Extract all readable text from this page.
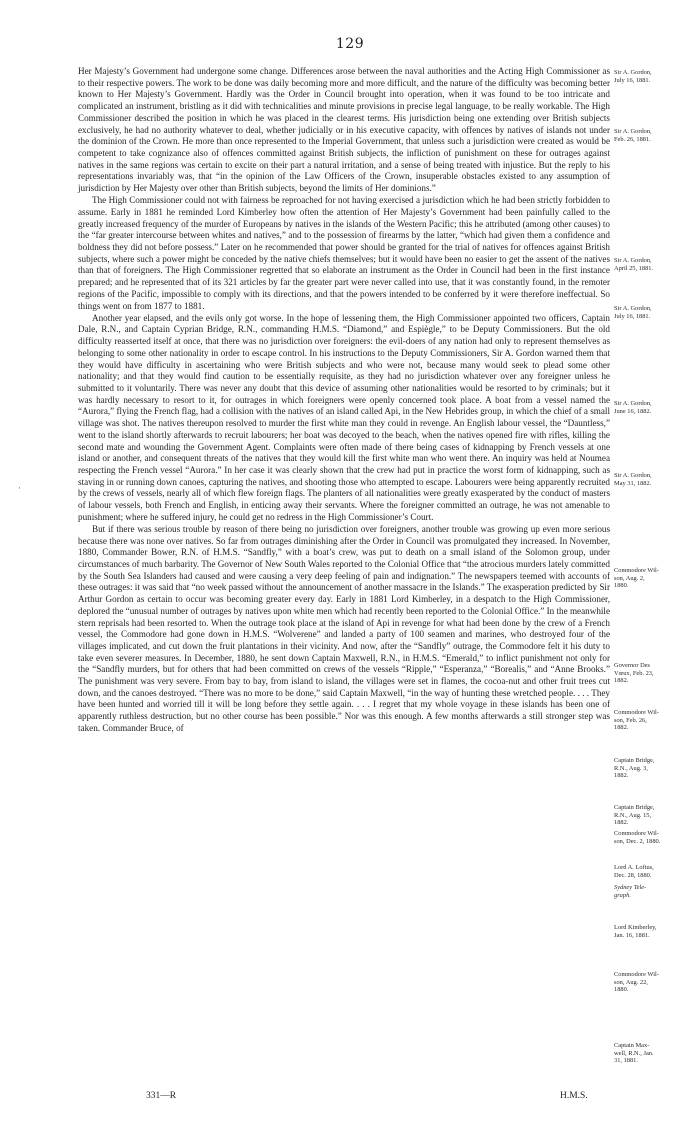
129

Her Majesty’s Government had undergone some change. Differences arose between the naval authorities and the Acting High Commissioner as to their respective powers. The work to be done was daily becoming more and more difficult, and the nature of the difficulty was becoming better known to Her Majesty’s Government. Hardly was the Order in Council brought into operation, when it was found to be too intricate and complicated an instrument, bristling as it did with technicalities and minute provisions in precise legal language, to be really workable. The High Commissioner described the position in which he was placed in the clearest terms. His jurisdiction being one extending over British subjects exclusively, he had no authority whatever to deal, whether judicially or in his executive capacity, with offences by natives of islands not under the dominion of the Crown. He more than once represented to the Imperial Government, that unless such a jurisdiction were created as would be competent to take cognizance also of offences committed against British subjects, the infliction of punishment on these for outrages against natives in the same regions was certain to excite on their part a natural irritation, and a sense of being treated with injustice. But the reply to his representations invariably was, that “in the opinion of the Law Officers of the Crown, insuperable obstacles existed to any assumption of jurisdiction by Her Majesty over other than British subjects, beyond the limits of Her dominions.”

The High Commissioner could not with fairness be reproached for not having exercised a jurisdiction which he had been strictly forbidden to assume. Early in 1881 he reminded Lord Kimberley how often the attention of Her Majesty’s Government had been painfully called to the greatly increased frequency of the murder of Europeans by natives in the islands of the Western Pacific; this he attributed (among other causes) to the “far greater intercourse between whites and natives,” and to the possession of firearms by the latter, “which had given them a confidence and boldness they did not before possess.” Later on he recommended that power should be granted for the trial of natives for offences against British subjects, where such a power might be conceded by the native chiefs themselves; but it would have been no easier to get the assent of the natives than that of foreigners. The High Commissioner regretted that so elaborate an instrument as the Order in Council had been in the first instance prepared; and he represented that of its 321 articles by far the greater part were never called into use, that it was constantly found, in the remoter regions of the Pacific, impossible to comply with its directions, and that the powers intended to be conferred by it were therefore ineffectual. So things went on from 1877 to 1881.

Another year elapsed, and the evils only got worse. In the hope of lessening them, the High Commissioner appointed two officers, Captain Dale, R.N., and Captain Cyprian Bridge, R.N., commanding H.M.S. “Diamond,” and Espiègle,” to be Deputy Commissioners. But the old difficulty reasserted itself at once, that there was no jurisdiction over foreigners: the evil-doers of any nation had only to represent themselves as belonging to some other nationality in order to escape control. In his instructions to the Deputy Commissioners, Sir A. Gordon warned them that they would have difficulty in ascertaining who were British subjects and who were not, because many would seek to plead some other nationality; and that they would find caution to be essentially requisite, as they had no jurisdiction whatever over any foreigner unless he submitted to it voluntarily. There was never any doubt that this device of assuming other nationalities would be resorted to by criminals; but it was hardly necessary to resort to it, for outrages in which foreigners were openly concerned took place. A boat from a vessel named the “Aurora,” flying the French flag, had a collision with the natives of an island called Api, in the New Hebrides group, in which the chief of a small village was shot. The natives thereupon resolved to murder the first white man they could in revenge. An English labour vessel, the “Dauntless,” went to the island shortly afterwards to recruit labourers; her boat was decoyed to the beach, when the natives opened fire with rifles, killing the second mate and wounding the Government Agent. Complaints were often made of there being cases of kidnapping by French vessels at one island or another, and consequent threats of the natives that they would kill the first white man who went there. An inquiry was held at Noumea respecting the French vessel “Aurora.” In her case it was clearly shown that the crew had put in practice the worst form of kidnapping, such as staving in or running down canoes, capturing the natives, and shooting those who attempted to escape. Labourers were being apparently recruited by the crews of vessels, nearly all of which flew foreign flags. The planters of all nationalities were greatly exasperated by the conduct of masters of labour vessels, both French and English, in enticing away their servants. Where the foreigner committed an outrage, he was not amenable to punishment; where he suffered injury, he could get no redress in the High Commissioner’s Court.

But if there was serious trouble by reason of there being no jurisdiction over foreigners, another trouble was growing up even more serious because there was none over natives. So far from outrages diminishing after the Order in Council was promulgated they increased. In November, 1880, Commander Bower, R.N. of H.M.S. “Sandfly,” with a boat’s crew, was put to death on a small island of the Solomon group, under circumstances of much barbarity. The Governor of New South Wales reported to the Colonial Office that “the atrocious murders lately committed by the South Sea Islanders had caused and were causing a very deep feeling of pain and indignation.” The newspapers teemed with accounts of these outrages: it was said that “no week passed without the announcement of another massacre in the Islands.” The exasperation predicted by Sir Arthur Gordon as certain to occur was becoming greater every day. Early in 1881 Lord Kimberley, in a despatch to the High Commissioner, deplored the “unusual number of outrages by natives upon white men which had recently been reported to the Colonial Office.” In the meanwhile stern reprisals had been resorted to. When the outrage took place at the island of Api in revenge for what had been done by the crew of a French vessel, the Commodore had gone down in H.M.S. “Wolverene” and landed a party of 100 seamen and marines, who destroyed four of the villages implicated, and cut down the fruit plantations in their vicinity. And now, after the “Sandfly” outrage, the Commodore felt it his duty to take even severer measures. In December, 1880, he sent down Captain Maxwell, R.N., in H.M.S. “Emerald,” to inflict punishment not only for the “Sandfly murders, but for others that had been committed on crews of the vessels “Ripple,” “Esperanza,” “Borealis,” and “Anne Brooks.” The punishment was very severe. From bay to bay, from island to island, the villages were set in flames, the cocoa-nut and other fruit trees cut down, and the canoes destroyed. “There was no more to be done,” said Captain Maxwell, “in the way of hunting these wretched people. . . . They have been hunted and worried till it will be long before they settle again. . . . I regret that my whole voyage in these islands has been one of apparently ruthless destruction, but no other course has been possible.” Nor was this enough. A few months afterwards a still stronger step was taken. Commander Bruce, of

Sir A. Gordon,
July 16, 1881.
Sir A. Gordon,
Feb. 26, 1881.
Sir A. Gordon,
April 25, 1881.
Sir A. Gordon,
July 16, 1881.
Sir A. Gordon,
June 16, 1882.
Sir A. Gordon,
May 31, 1882.
Commodore Wil-
son, Aug. 2,
1880.
Governor Des
Vœux, Feb. 23,
1882.
Commodore Wil-
son, Feb. 26,
1882.
Captain Bridge,
R.N., Aug. 3,
1882.
Captain Bridge,
R.N., Aug. 15,
1882.
Commodore Wil-
son, Dec. 2, 1880.
Lord A. Loftus,
Dec. 28, 1880.
Sydney Tele-
graph.
Lord Kimberley,
Jan. 16, 1881.
Commodore Wil-
son, Aug. 22,
1880.
Captain Max-
well, R.N., Jan.
31, 1881.
·
331—R	H.M.S.
